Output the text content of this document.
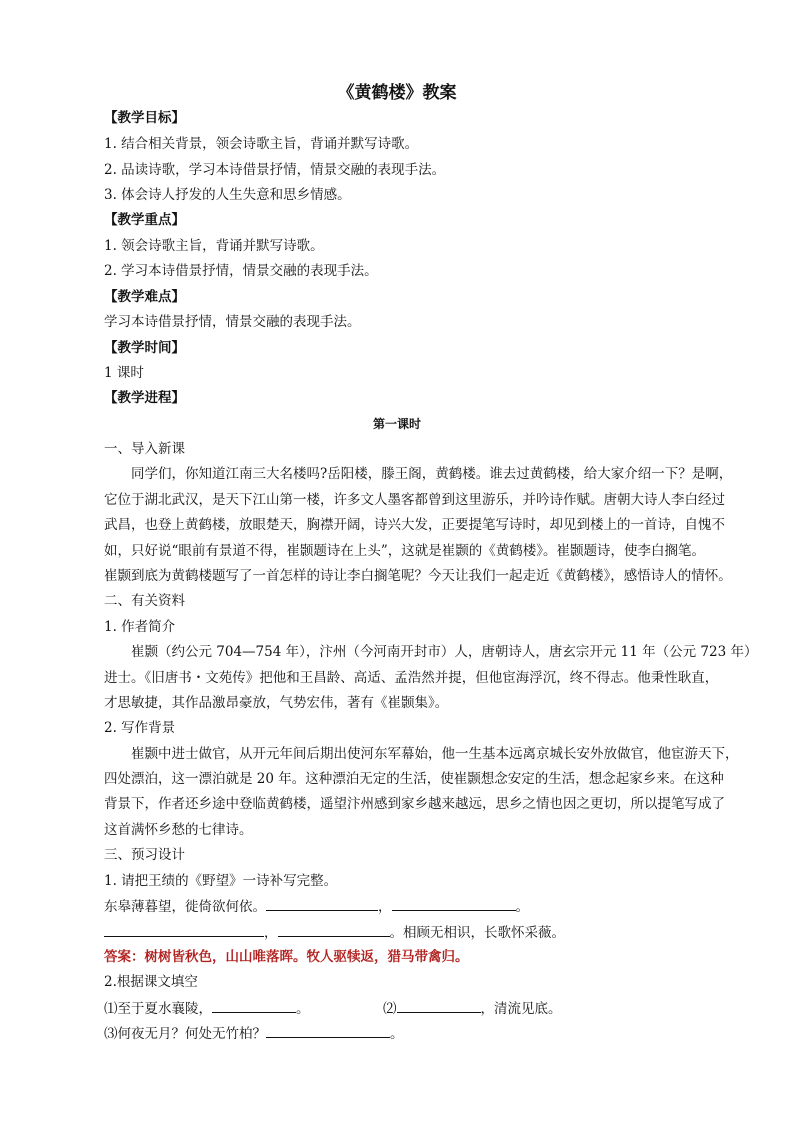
《黄鹤楼》教案
【教学目标】
1. 结合相关背景，领会诗歌主旨，背诵并默写诗歌。
2. 品读诗歌，学习本诗借景抒情，情景交融的表现手法。
3. 体会诗人抒发的人生失意和思乡情感。
【教学重点】
1. 领会诗歌主旨，背诵并默写诗歌。
2. 学习本诗借景抒情，情景交融的表现手法。
【教学难点】
学习本诗借景抒情，情景交融的表现手法。
【教学时间】
1 课时
【教学进程】
第一课时
一、导入新课
同学们，你知道江南三大名楼吗?岳阳楼，滕王阁，黄鹤楼。谁去过黄鹤楼，给大家介绍一下？是啊，
它位于湖北武汉，是天下江山第一楼，许多文人墨客都曾到这里游乐，并吟诗作赋。唐朝大诗人李白经过
武昌，也登上黄鹤楼，放眼楚天，胸襟开阔，诗兴大发，正要提笔写诗时，却见到楼上的一首诗，自愧不
如，只好说“眼前有景道不得，崔颢题诗在上头”，这就是崔颢的《黄鹤楼》。崔颢题诗，使李白搁笔。
崔颢到底为黄鹤楼题写了一首怎样的诗让李白搁笔呢？今天让我们一起走近《黄鹤楼》，感悟诗人的情怀。
二、有关资料
1. 作者简介
崔颢（约公元 704—754 年），汴州（今河南开封市）人，唐朝诗人，唐玄宗开元 11 年（公元 723 年）
进士。《旧唐书・文苑传》把他和王昌龄、高适、孟浩然并提，但他宦海浮沉，终不得志。他秉性耿直，
才思敏捷，其作品激昂豪放，气势宏伟，著有《崔颢集》。
2. 写作背景
崔颢中进士做官，从开元年间后期出使河东军幕始，他一生基本远离京城长安外放做官，他宦游天下，
四处漂泊，这一漂泊就是 20 年。这种漂泊无定的生活，使崔颢想念安定的生活，想念起家乡来。在这种
背景下，作者还乡途中登临黄鹤楼，遥望汴州感到家乡越来越远，思乡之情也因之更切，所以提笔写成了
这首满怀乡愁的七律诗。
三、预习设计
1. 请把王绩的《野望》一诗补写完整。
东皋薄暮望，徙倚欲何依。	，	。
，	。相顾无相识，长歌怀采薇。
答案：树树皆秋色，山山唯落晖。牧人驱犊返，猎马带禽归。
2.根据课文填空
⑴至于夏水襄陵，	。	⑵	，清流见底。
⑶何夜无月？何处无竹柏？	。
